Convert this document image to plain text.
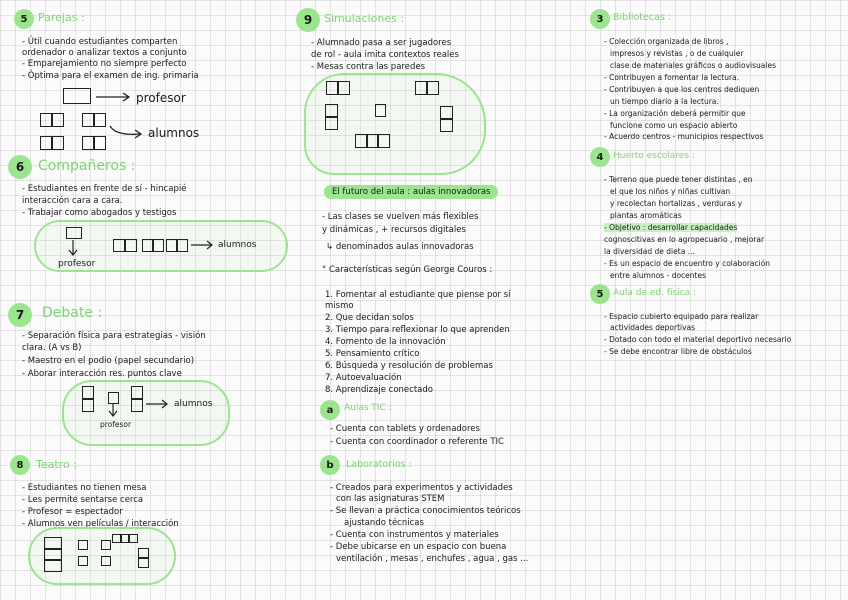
5 Parejas :
- Útil cuando estudiantes comparten
ordenador o analizar textos a conjunto
- Emparejamiento no siempre perfecto
- Óptima para el examen de ing. primaria
profesor
alumnos
6 Compañeros :
- Estudiantes en frente de sí - hincapié
interacción cara a cara.
- Trabajar como abogados y testigos
profesor
alumnos
7	Debate :
- Separación física para estrategias - visión
clara. (A vs B)
- Maestro en el podio (papel secundario)
- Aborar interacción res. puntos clave
profesor
alumnos
8	Teatro :
- Estudiantes no tienen mesa
- Les permite sentarse cerca
- Profesor = espectador
- Alumnos ven películas / interacción
9	Simulaciones :
- Alumnado pasa a ser jugadores
de rol - aula imita contextos reales
- Mesas contra las paredes
El futuro del aula : aulas innovadoras
- Las clases se vuelven más flexibles
y dinámicas , + recursos digitales
↳ denominados aulas innovadoras
° Características según George Couros :
1. Fomentar al estudiante que piense por sí
mismo
2. Que decidan solos
3. Tiempo para reflexionar lo que aprenden
4. Fomento de la innovación
5. Pensamiento crítico
6. Búsqueda y resolución de problemas
7. Autoevaluación
8. Aprendizaje conectado
a	Aulas TIC :
- Cuenta con tablets y ordenadores
- Cuenta con coordinador o referente TIC
b	Laboratorios :
- Creados para experimentos y actividades
con las asignaturas STEM
- Se llevan a práctica conocimientos teóricos
ajustando técnicas
- Cuenta con instrumentos y materiales
- Debe ubicarse en un espacio con buena
ventilación , mesas , enchufes , agua , gas ...
3	Bibliotecas :
- Colección organizada de libros ,
impresos y revistas , o de cualquier
clase de materiales gráficos o audiovisuales
- Contribuyen a fomentar la lectura.
- Contribuyen a que los centros dediquen
un tiempo diario a la lectura.
- La organización deberá permitir que
funcione como un espacio abierto
- Acuerdo centros - municipios respectivos
4	Huerto escolares :
- Terreno que puede tener distintas , en
el que los niños y niñas cultivan
y recolectan hortalizas , verduras y
plantas aromáticas
- Objetivo : desarrollar capacidades
cognoscitivas en lo agropecuario , mejorar
la diversidad de dieta ...
- Es un espacio de encuentro y colaboración
entre alumnos - docentes
5	Aula de ed. física :
- Espacio cubierto equipado para realizar
actividades deportivas
- Dotado con todo el material deportivo necesario
- Se debe encontrar libre de obstáculos
